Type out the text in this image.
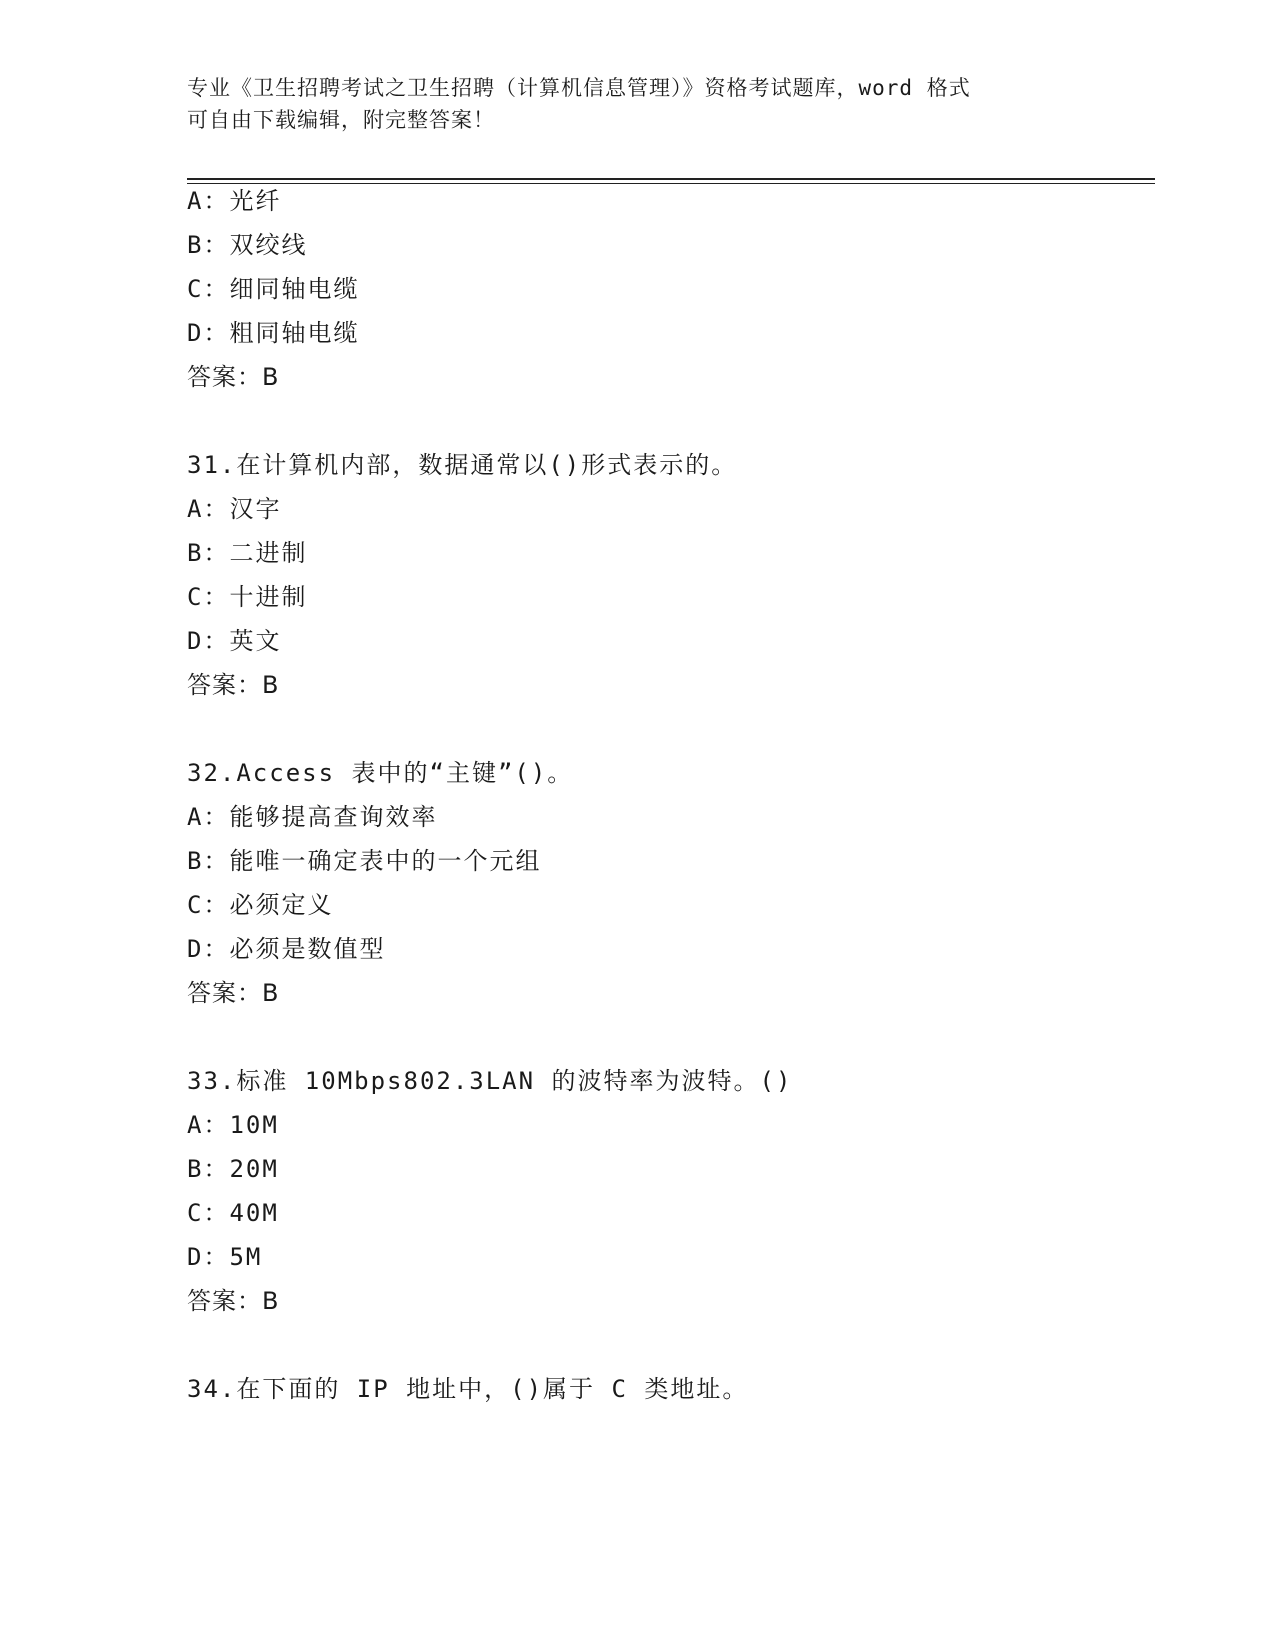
专业《卫生招聘考试之卫生招聘（计算机信息管理）》资格考试题库，word 格式
可自由下载编辑，附完整答案！
A：光纤
B：双绞线
C：细同轴电缆
D：粗同轴电缆
答案：B
31.在计算机内部，数据通常以()形式表示的。
A：汉字
B：二进制
C：十进制
D：英文
答案：B
32.Access 表中的“主键”()。
A：能够提高查询效率
B：能唯一确定表中的一个元组
C：必须定义
D：必须是数值型
答案：B
33.标准 10Mbps802.3LAN 的波特率为波特。()
A：10M
B：20M
C：40M
D：5M
答案：B
34.在下面的 IP 地址中，()属于 C 类地址。
